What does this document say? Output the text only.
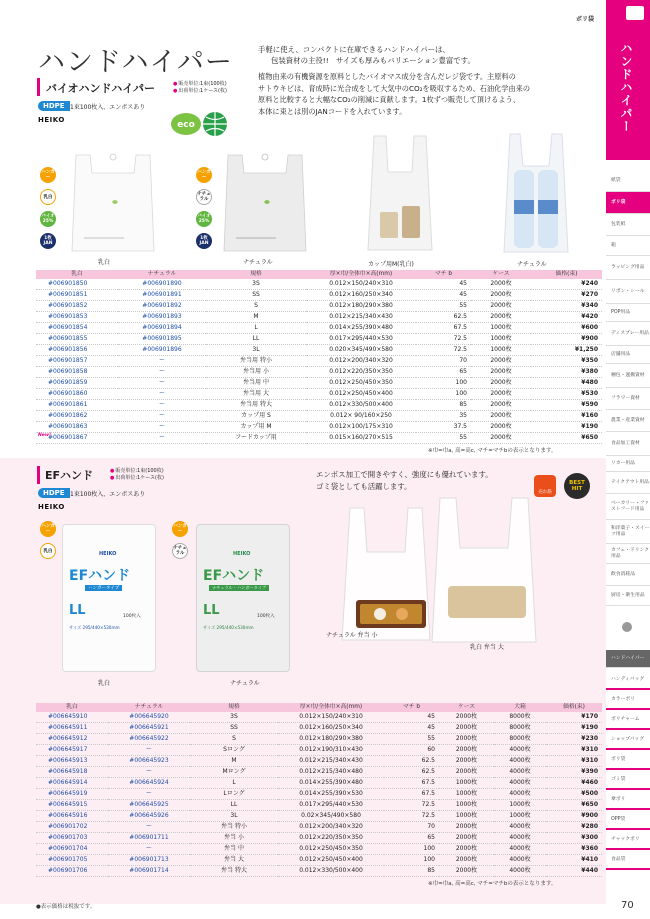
ハンドハイパー
紙袋
ポリ袋
包装紙
箱
ラッピング用品
リボン・シール
POP用品
ディスプレー用品
店舗用品
梱包・運搬資材
フラワー資材
農業・産業資材
食品加工資材
リカー用品
テイクアウト用品
ベーカリー・ファストフード用品
和洋菓子・スイーツ用品
カフェ・ドリンク用品
飲食消耗品
厨房・衛生用品
ハンドハイパー
ハンディバッグ
カラーポリ
ポリチャーム
ショップバッグ
ポリ袋
ゴミ袋
傘ポリ
OPP袋
チャックポリ
食品袋
ポリ袋
ハンドハイパー	手軽に使え、コンパクトに在庫できるハンドハイパーは、
包装資材の主役!!　サイズも厚みもバリエーション豊富です。
バイオハンドハイパー	● 販売単位:1束(100枚)
● 出荷単位:1ケース(枚)
HDPE 1束100枚入、エンボスあり
HEIKO	eco
植物由来の有機資源を原料としたバイオマス成分を含んだレジ袋です。主原料の
サトウキビは、育成時に光合成をして大気中のCO₂を吸収するため、石油化学由来の
原料と比較すると大幅なCO₂の削減に貢献します。1枚ずつ販売して頂けるよう、
本体に束とは別のJANコードを入れています。
ハンガー
乳白
バイオ25%
1枚JAN
ハンガー
ナチュラル
バイオ25%
1枚JAN
乳白	ナチュラル	カップ用M(乳白)	ナチュラル
乳白	ナチュラル	規格	厚×巾/全体巾×高(mm)	マチ b	ケース	価格(束)
#006901850	#006901890	3S	0.012×150/240×310	45	2000枚	¥240
#006901851	#006901891	SS	0.012×160/250×340	45	2000枚	¥270
#006901852	#006901892	S	0.012×180/290×380	55	2000枚	¥340
#006901853	#006901893	M	0.012×215/340×430	62.5	2000枚	¥420
#006901854	#006901894	L	0.014×255/390×480	67.5	1000枚	¥600
#006901855	#006901895	LL	0.017×295/440×530	72.5	1000枚	¥900
#006901856	#006901896	3L	0.020×345/490×580	72.5	1000枚	¥1,250
#006901857	ー	弁当用 特小	0.012×200/340×320	70	2000枚	¥350
#006901858	ー	弁当用 小	0.012×220/350×350	65	2000枚	¥380
#006901859	ー	弁当用 中	0.012×250/450×350	100	2000枚	¥480
#006901860	ー	弁当用 大	0.012×250/450×400	100	2000枚	¥530
#006901861	ー	弁当用 特大	0.012×330/500×400	85	2000枚	¥590
#006901862	ー	カップ用 S	0.012× 90/160×250	35	2000枚	¥160
#006901863	ー	カップ用 M	0.012×100/175×310	37.5	2000枚	¥190
#006901867	ー	フードカップ用	0.015×160/270×515	55	2000枚	¥650
New!
※巾=巾a, 高=高c, マチ=マチbの表示となります。
EFハンド	● 販売単位:1束(100枚)
● 出荷単位:1ケース(枚)
HDPE 1束100枚入、エンボスあり
HEIKO
エンボス加工で開きやすく、強度にも優れています。
ゴミ袋としても活躍します。
売れ筋
BEST HIT
ハンガー
乳白
ハンガー
ナチュラル
HEIKO
EFハンド
ハンガータイプ
LL	100枚入
サイズ 295/440×530mm
HEIKO
EFハンド
ナチュラル・ハンガータイプ
LL	100枚入
サイズ 295/440×530mm
ナチュラル 弁当 小
乳白 弁当 大
乳白	ナチュラル
乳白	ナチュラル	規格	厚×巾/全体巾×高(mm)	マチ b	ケース	大箱	価格(束)
#006645910	#006645920	3S	0.012×150/240×310	45	2000枚	8000枚	¥170
#006645911	#006645921	SS	0.012×160/250×340	45	2000枚	8000枚	¥190
#006645912	#006645922	S	0.012×180/290×380	55	2000枚	8000枚	¥230
#006645917	ー	Sロング	0.012×190/310×430	60	2000枚	4000枚	¥310
#006645913	#006645923	M	0.012×215/340×430	62.5	2000枚	4000枚	¥310
#006645918	ー	Mロング	0.012×215/340×480	62.5	2000枚	4000枚	¥390
#006645914	#006645924	L	0.014×255/390×480	67.5	1000枚	4000枚	¥460
#006645919	ー	Lロング	0.014×255/390×530	67.5	1000枚	4000枚	¥500
#006645915	#006645925	LL	0.017×295/440×530	72.5	1000枚	1000枚	¥650
#006645916	#006645926	3L	0.02×345/490×580	72.5	1000枚	1000枚	¥900
#006901702	ー	弁当 特小	0.012×200/340×320	70	2000枚	4000枚	¥280
#006901703	#006901711	弁当 小	0.012×220/350×350	65	2000枚	4000枚	¥300
#006901704	ー	弁当 中	0.012×250/450×350	100	2000枚	4000枚	¥360
#006901705	#006901713	弁当 大	0.012×250/450×400	100	2000枚	4000枚	¥410
#006901706	#006901714	弁当 特大	0.012×330/500×400	85	2000枚	4000枚	¥440
※巾=巾a, 高=高c, マチ=マチbの表示となります。
●表示価格は税抜です。	70
